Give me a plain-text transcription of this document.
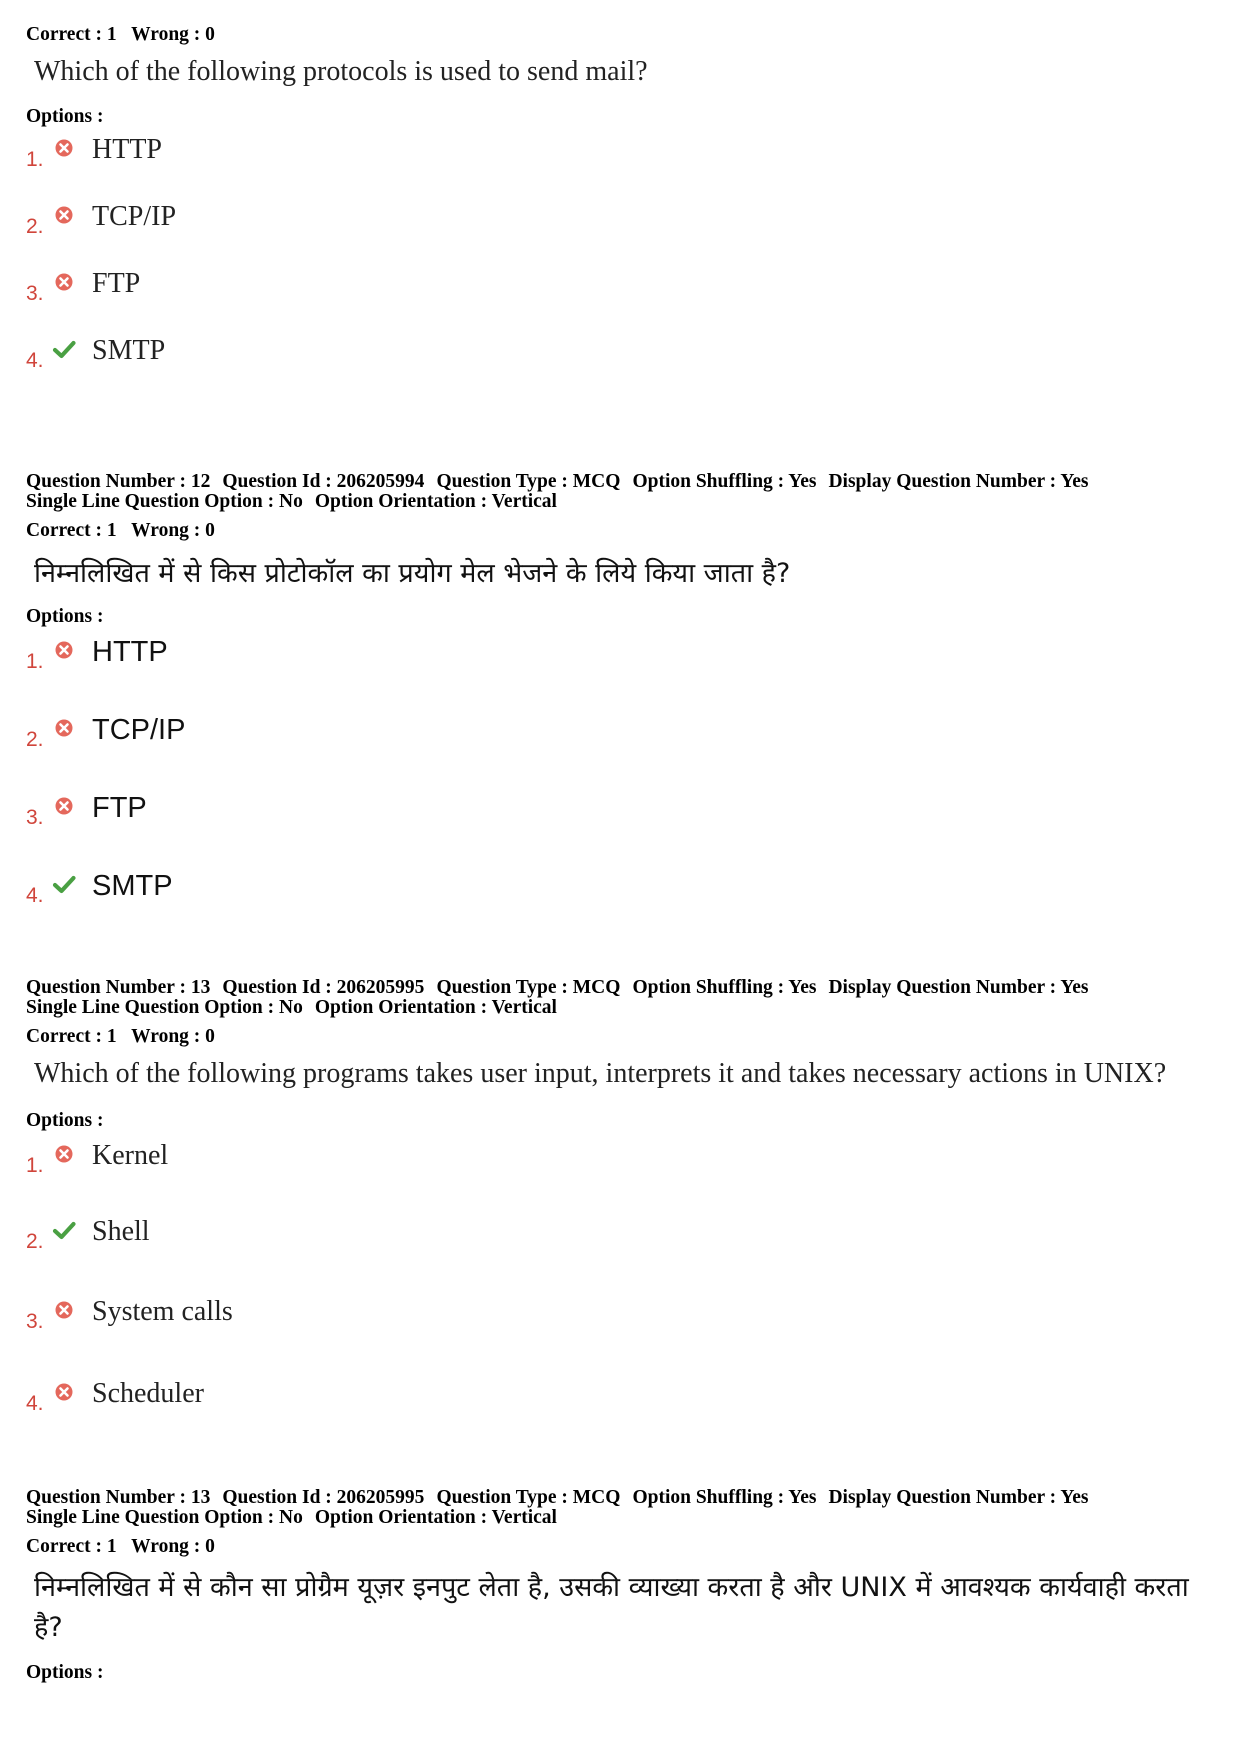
Correct : 1 Wrong : 0
Which of the following protocols is used to send mail?
Options :
1. HTTP
2. TCP/IP
3. FTP
4. SMTP
Question Number : 12 Question Id : 206205994 Question Type : MCQ Option Shuffling : Yes Display Question Number : Yes
Single Line Question Option : No Option Orientation : Vertical
Correct : 1 Wrong : 0
निम्नलिखित में से किस प्रोटोकॉल का प्रयोग मेल भेजने के लिये किया जाता है?
Options :
1. HTTP
2. TCP/IP
3. FTP
4. SMTP
Question Number : 13 Question Id : 206205995 Question Type : MCQ Option Shuffling : Yes Display Question Number : Yes
Single Line Question Option : No Option Orientation : Vertical
Correct : 1 Wrong : 0
Which of the following programs takes user input, interprets it and takes necessary actions in UNIX?
Options :
1. Kernel
2. Shell
3. System calls
4. Scheduler
Question Number : 13 Question Id : 206205995 Question Type : MCQ Option Shuffling : Yes Display Question Number : Yes
Single Line Question Option : No Option Orientation : Vertical
Correct : 1 Wrong : 0
निम्नलिखित में से कौन सा प्रोग्रैम यूज़र इनपुट लेता है, उसकी व्याख्या करता है और UNIX में आवश्यक कार्यवाही करता है?
Options :
